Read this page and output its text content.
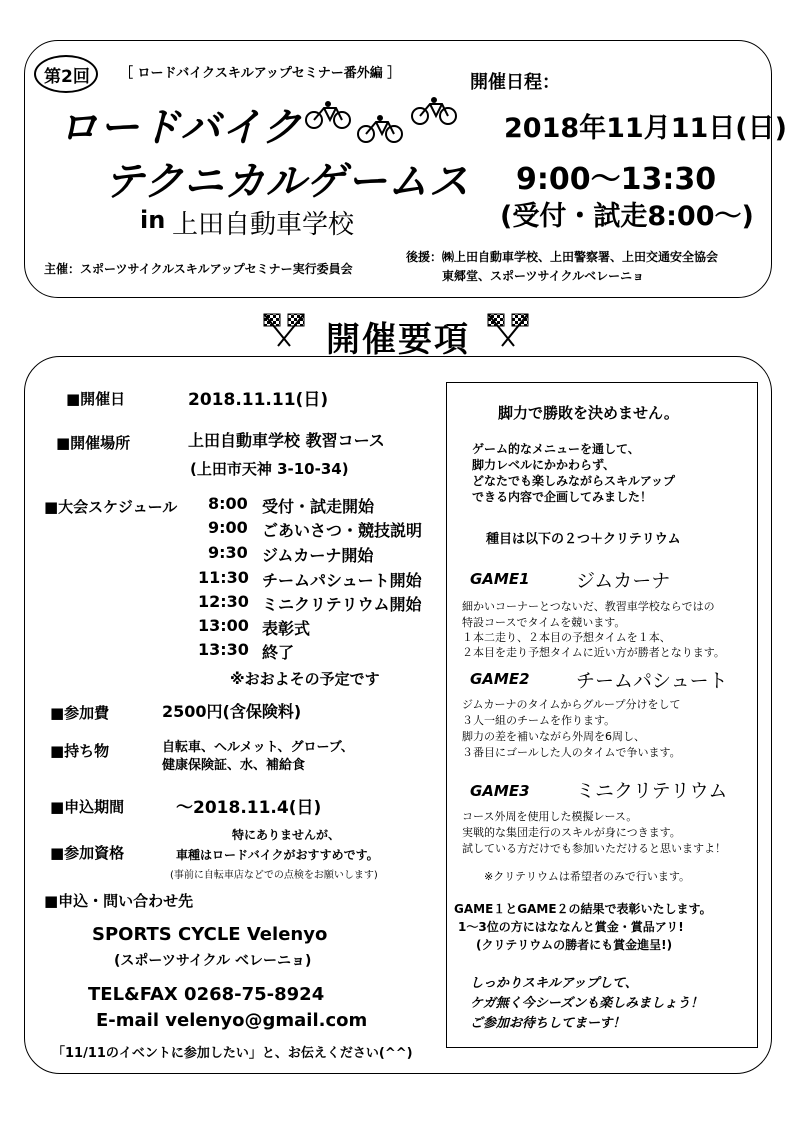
第2回 ［ ロードバイクスキルアップセミナー番外編 ］
ロードバイク
テクニカルゲームス
in 上田自動車学校
開催日程：
2018年11月11日(日)
9:00～13:30
(受付・試走8:00～)
主催：スポーツサイクルスキルアップセミナー実行委員会
後援：㈱上田自動車学校、上田警察署、上田交通安全協会
東郷堂、スポーツサイクルベレーニョ
開催要項
■開催日	2018.11.11(日)
■開催場所	上田自動車学校 教習コース
(上田市天神 3-10-34)
■大会スケジュール 8:00 受付・試走開始
9:00 ごあいさつ・競技説明
9:30 ジムカーナ開始
11:30 チームパシュート開始
12:30 ミニクリテリウム開始
13:00 表彰式
13:30 終了
※おおよその予定です
■参加費	2500円(含保険料)
■持ち物	自転車、ヘルメット、グローブ、
健康保険証、水、補給食
■申込期間	～2018.11.4(日)
特にありませんが、
■参加資格	車種はロードバイクがおすすめです。
(事前に自転車店などでの点検をお願いします)
■申込・問い合わせ先
SPORTS CYCLE Velenyo
(スポーツサイクル ベレーニョ)
TEL&FAX 0268-75-8924
E-mail velenyo@gmail.com
「11/11のイベントに参加したい」と、お伝えください(^^)
脚力で勝敗を決めません。
ゲーム的なメニューを通して、
脚力レベルにかかわらず、
どなたでも楽しみながらスキルアップ
できる内容で企画してみました！
種目は以下の２つ＋クリテリウム
GAME1 ジムカーナ
細かいコーナーとつないだ、教習車学校ならではの
特設コースでタイムを競います。
１本二走り、２本目の予想タイムを１本、
２本目を走り予想タイムに近い方が勝者となります。
GAME2 チームパシュート
ジムカーナのタイムからグループ分けをして
３人一組のチームを作ります。
脚力の差を補いながら外周を6周し、
３番目にゴールした人のタイムで争います。
GAME3 ミニクリテリウム
コース外周を使用した模擬レース。
実戦的な集団走行のスキルが身につきます。
試している方だけでも参加いただけると思いますよ！
※クリテリウムは希望者のみで行います。
GAME１とGAME２の結果で表彰いたします。
1～3位の方にはななんと賞金・賞品アリ!
(クリテリウムの勝者にも賞金進呈!)
しっかりスキルアップして、
ケガ無く今シーズンも楽しみましょう！
ご参加お待ちしてまーす！
